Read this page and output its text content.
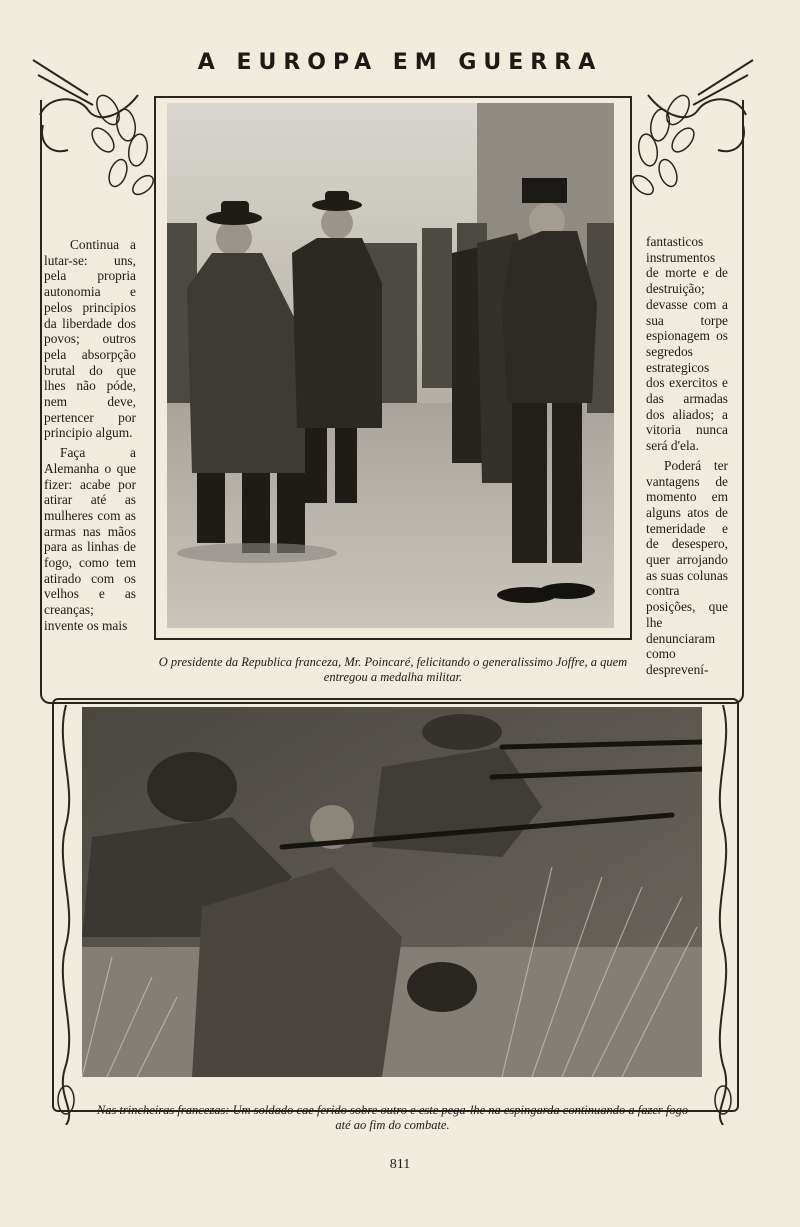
A EUROPA EM GUERRA

Continua a lutar-se: uns, pela propria autonomia e pelos principios da liberdade dos povos; outros pela absorpção brutal do que lhes não póde, nem deve, pertencer por principio algum.

Faça a Alemanha o que fizer: acabe por atirar até as mulheres com as armas nas mãos para as linhas de fogo, como tem atirado com os velhos e as creanças; invente os mais

fantasticos instrumentos de morte e de destruição; devasse com a sua torpe espionagem os segredos estrategicos dos exercitos e das armadas dos aliados; a vitoria nunca será d'ela.

Poderá ter vantagens de momento em alguns atos de temeridade e de desespero, quer arrojando as suas colunas contra posições, que lhe denunciaram como desprevení-

O presidente da Republica franceza, Mr. Poincaré, felicitando o generalissimo Joffre, a quem entregou a medalha militar.
Nas trincheiras francezas: Um soldado cae ferido sobre outro e este pega-lhe na espingarda continuando a fazer fogo até ao fim do combate.
811
